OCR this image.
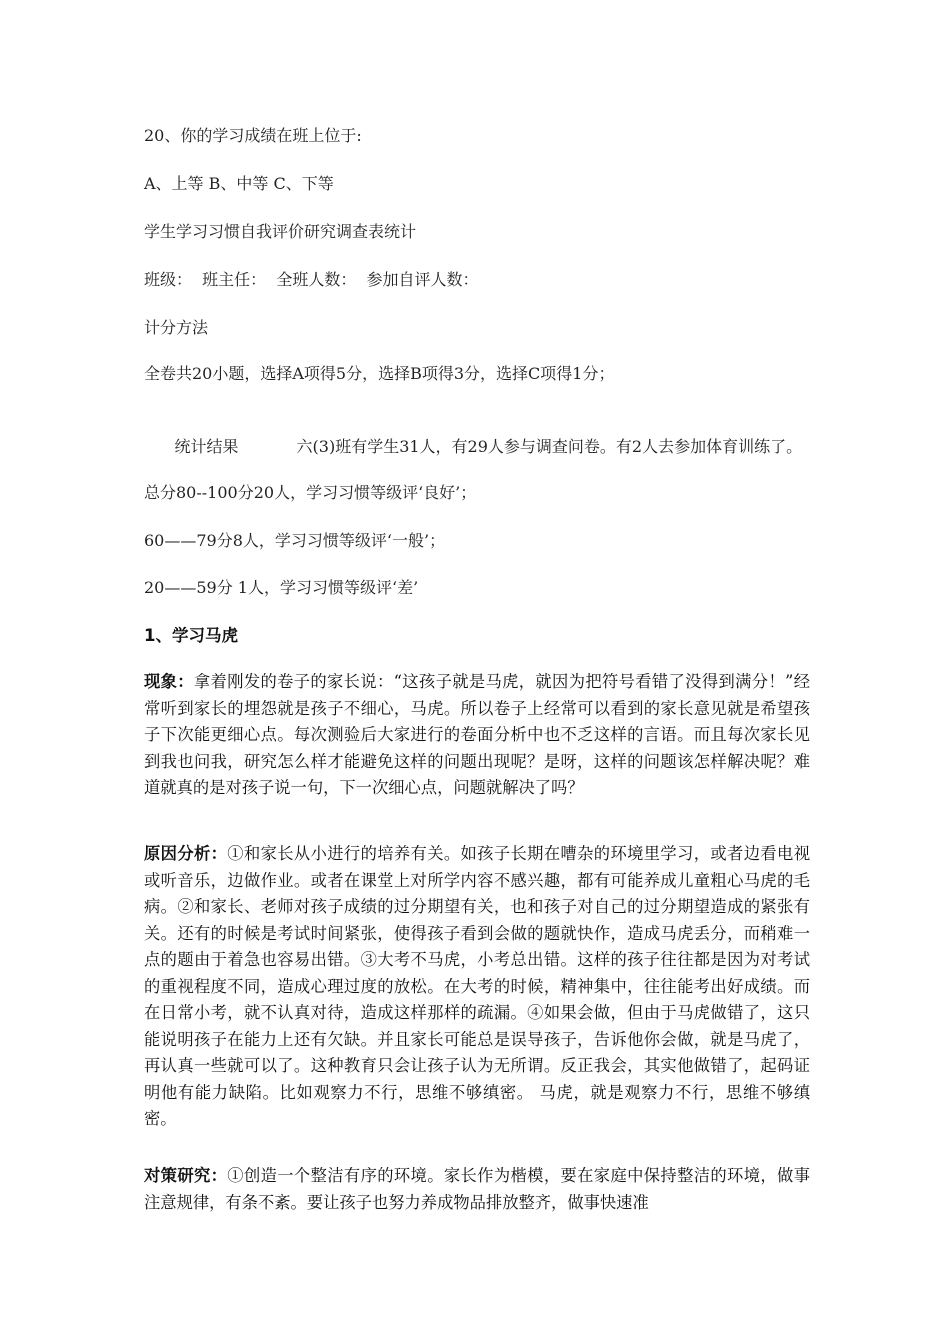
20、你的学习成绩在班上位于:

A、上等 B、中等 C、下等

学生学习习惯自我评价研究调查表统计

班级：  班主任：  全班人数：  参加自评人数：

计分方法

全卷共20小题，选择A项得5分，选择B项得3分，选择C项得1分；

统计结果	六(3)班有学生31人，有29人参与调查问卷。有2人去参加体育训练了。

总分80--100分20人，学习习惯等级评‘良好’；

60——79分8人，学习习惯等级评‘一般’；

20——59分 1人，学习习惯等级评‘差’

1、学习马虎

现象：拿着刚发的卷子的家长说：“这孩子就是马虎，就因为把符号看错了没得到满分！”经常听到家长的埋怨就是孩子不细心，马虎。所以卷子上经常可以看到的家长意见就是希望孩子下次能更细心点。每次测验后大家进行的卷面分析中也不乏这样的言语。而且每次家长见到我也问我，研究怎么样才能避免这样的问题出现呢？是呀，这样的问题该怎样解决呢？难道就真的是对孩子说一句，下一次细心点，问题就解决了吗？

原因分析：①和家长从小进行的培养有关。如孩子长期在嘈杂的环境里学习，或者边看电视或听音乐，边做作业。或者在课堂上对所学内容不感兴趣，都有可能养成儿童粗心马虎的毛病。②和家长、老师对孩子成绩的过分期望有关，也和孩子对自己的过分期望造成的紧张有关。还有的时候是考试时间紧张，使得孩子看到会做的题就快作，造成马虎丢分，而稍难一点的题由于着急也容易出错。③大考不马虎，小考总出错。这样的孩子往往都是因为对考试的重视程度不同，造成心理过度的放松。在大考的时候，精神集中，往往能考出好成绩。而在日常小考，就不认真对待，造成这样那样的疏漏。④如果会做，但由于马虎做错了，这只能说明孩子在能力上还有欠缺。并且家长可能总是误导孩子，告诉他你会做，就是马虎了，再认真一些就可以了。这种教育只会让孩子认为无所谓。反正我会，其实他做错了，起码证明他有能力缺陷。比如观察力不行，思维不够缜密。 马虎，就是观察力不行，思维不够缜密。

对策研究：①创造一个整洁有序的环境。家长作为楷模，要在家庭中保持整洁的环境，做事注意规律，有条不紊。要让孩子也努力养成物品排放整齐，做事快速准
